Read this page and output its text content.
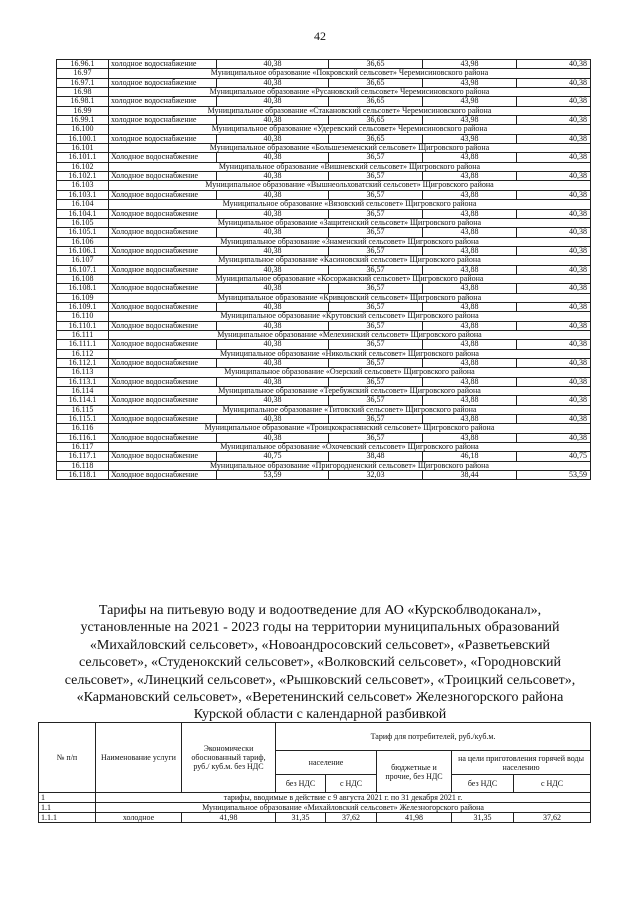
42
16.96.1	холодное водоснабжение	40,38	36,65	43,98	40,38
16.97	Муниципальное образование «Покровский сельсовет» Черемисиновского района				
16.97.1	холодное водоснабжение	40,38	36,65	43,98	40,38
16.98	Муниципальное образование «Русановский сельсовет» Черемисиновского района				
16.98.1	холодное водоснабжение	40,38	36,65	43,98	40,38
16.99	Муниципальное образование «Стакановский сельсовет» Черемисиновского района				
16.99.1	холодное водоснабжение	40,38	36,65	43,98	40,38
16.100	Муниципальное образование «Удеревский сельсовет» Черемисиновского района				
16.100.1	холодное водоснабжение	40,38	36,65	43,98	40,38
16.101	Муниципальное образование «Большеземенский сельсовет» Щигровского района				
16.101.1	Холодное водоснабжение	40,38	36,57	43,88	40,38
16.102	Муниципальное образование «Вишневский сельсовет» Щигровского района				
16.102.1	Холодное водоснабжение	40,38	36,57	43,88	40,38
16.103	Муниципальное образование «Вышнеольховатский сельсовет» Щигровского района				
16.103.1	Холодное водоснабжение	40,38	36,57	43,88	40,38
16.104	Муниципальное образование «Вязовский сельсовет» Щигровского района				
16.104.1	Холодное водоснабжение	40,38	36,57	43,88	40,38
16.105	Муниципальное образование «Защитенский сельсовет» Щигровского района				
16.105.1	Холодное водоснабжение	40,38	36,57	43,88	40,38
16.106	Муниципальное образование «Знаменский сельсовет» Щигровского района				
16.106.1	Холодное водоснабжение	40,38	36,57	43,88	40,38
16.107	Муниципальное образование «Касиновский сельсовет» Щигровского района				
16.107.1	Холодное водоснабжение	40,38	36,57	43,88	40,38
16.108	Муниципальное образование «Косоржанский сельсовет» Щигровского района				
16.108.1	Холодное водоснабжение	40,38	36,57	43,88	40,38
16.109	Муниципальное образование «Кривцовский сельсовет» Щигровского района				
16.109.1	Холодное водоснабжение	40,38	36,57	43,88	40,38
16.110	Муниципальное образование «Крутовский сельсовет» Щигровского района				
16.110.1	Холодное водоснабжение	40,38	36,57	43,88	40,38
16.111	Муниципальное образование «Мелехинский сельсовет» Щигровского района				
16.111.1	Холодное водоснабжение	40,38	36,57	43,88	40,38
16.112	Муниципальное образование «Никольский сельсовет» Щигровского района				
16.112.1	Холодное водоснабжение	40,38	36,57	43,88	40,38
16.113	Муниципальное образование «Озерский сельсовет» Щигровского района				
16.113.1	Холодное водоснабжение	40,38	36,57	43,88	40,38
16.114	Муниципальное образование «Теребужский сельсовет» Щигровского района				
16.114.1	Холодное водоснабжение	40,38	36,57	43,88	40,38
16.115	Муниципальное образование «Титовский сельсовет» Щигровского района				
16.115.1	Холодное водоснабжение	40,38	36,57	43,88	40,38
16.116	Муниципальное образование «Троицкокраснянский сельсовет» Щигровского района				
16.116.1	Холодное водоснабжение	40,38	36,57	43,88	40,38
16.117	Муниципальное образование «Охочевский сельсовет» Щигровского района				
16.117.1	Холодное водоснабжение	40,75	38,48	46,18	40,75
16.118	Муниципальное образование «Пригородненский сельсовет» Щигровского района				
16.118.1	Холодное водоснабжение	53,59	32,03	38,44	53,59
Тарифы на питьевую воду и водоотведение для АО «Курскоблводоканал»,
установленные на 2021 - 2023 годы на территории муниципальных образований
«Михайловский сельсовет», «Новоандросовский сельсовет», «Разветьевский
сельсовет», «Студенокский сельсовет», «Волковский сельсовет», «Городновский
сельсовет», «Линецкий сельсовет», «Рышковский сельсовет», «Троицкий сельсовет»,
«Кармановский сельсовет», «Веретенинский сельсовет» Железногорского района
Курской области с календарной разбивкой
№ п/п	Наименование услуги	Экономически обоснованный тариф, руб./ куб.м. без НДС	Тариф для потребителей, руб./куб.м.				
			население		бюджетные и прочие, без НДС	на цели приготовления горячей воды населению	
			без НДС	с НДС		без НДС	с НДС
1	тарифы, вводимые в действие с 9 августа 2021 г. по 31 декабря 2021 г.						
1.1	Муниципальное образование «Михайловский сельсовет» Железногорского района						
1.1.1	холодное	41,98	31,35	37,62	41,98	31,35	37,62
